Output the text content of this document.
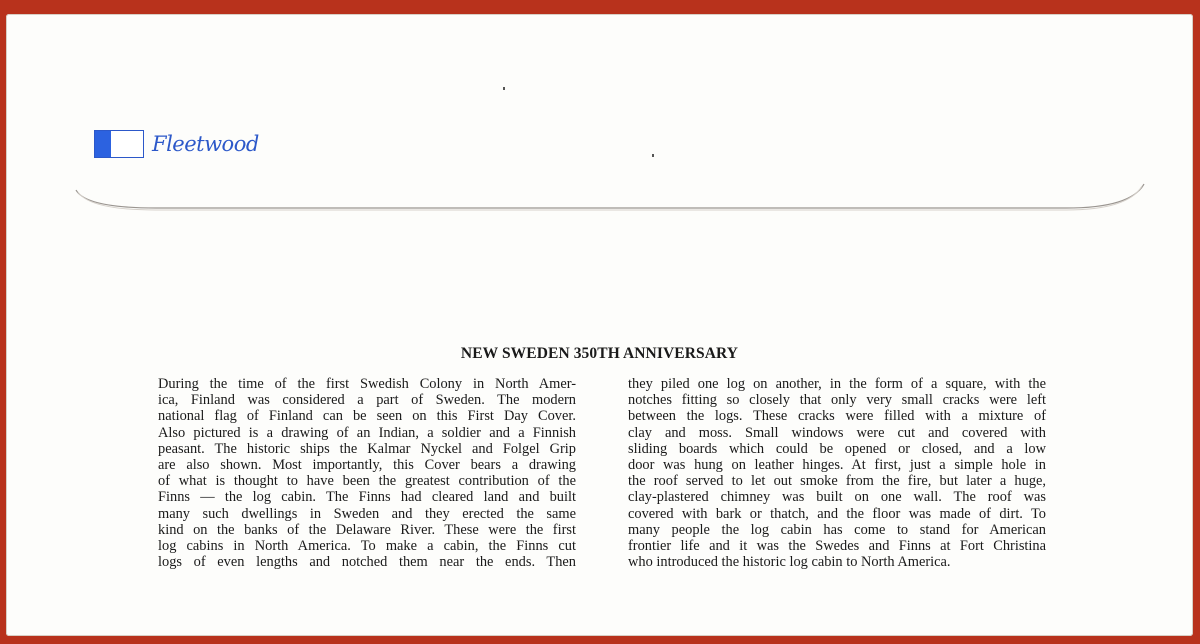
Fleetwood
NEW SWEDEN 350TH ANNIVERSARY
During the time of the first Swedish Colony in North Amer-
ica, Finland was considered a part of Sweden. The modern
national flag of Finland can be seen on this First Day Cover.
Also pictured is a drawing of an Indian, a soldier and a Finnish
peasant. The historic ships the Kalmar Nyckel and Folgel Grip
are also shown. Most importantly, this Cover bears a drawing
of what is thought to have been the greatest contribution of the
Finns — the log cabin. The Finns had cleared land and built
many such dwellings in Sweden and they erected the same
kind on the banks of the Delaware River. These were the first
log cabins in North America. To make a cabin, the Finns cut
logs of even lengths and notched them near the ends. Then
they piled one log on another, in the form of a square, with the
notches fitting so closely that only very small cracks were left
between the logs. These cracks were filled with a mixture of
clay and moss. Small windows were cut and covered with
sliding boards which could be opened or closed, and a low
door was hung on leather hinges. At first, just a simple hole in
the roof served to let out smoke from the fire, but later a huge,
clay-plastered chimney was built on one wall. The roof was
covered with bark or thatch, and the floor was made of dirt. To
many people the log cabin has come to stand for American
frontier life and it was the Swedes and Finns at Fort Christina
who introduced the historic log cabin to North America.
